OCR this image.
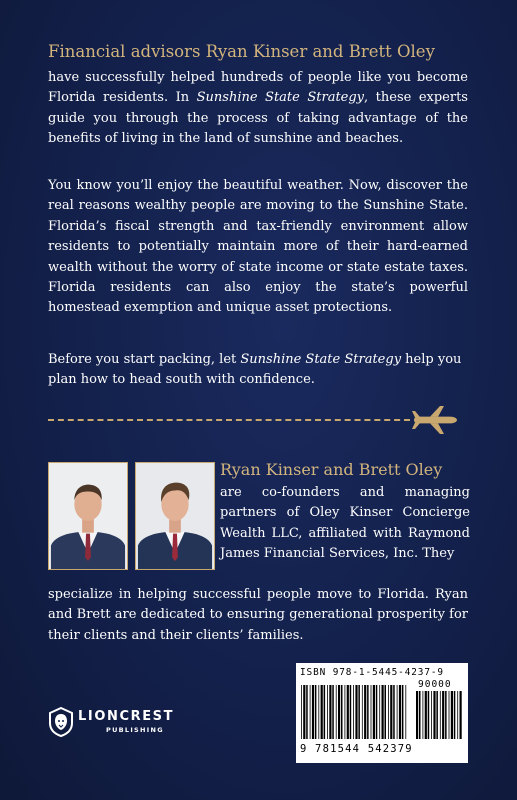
Financial advisors Ryan Kinser and Brett Oley

have successfully helped hundreds of people like you become Florida residents. In Sunshine State Strategy, these experts guide you through the process of taking advantage of the benefits of living in the land of sunshine and beaches.

You know you’ll enjoy the beautiful weather. Now, discover the real reasons wealthy people are moving to the Sunshine State. Florida’s fiscal strength and tax-friendly environment allow residents to potentially maintain more of their hard-earned wealth without the worry of state income or state estate taxes. Florida residents can also enjoy the state’s powerful homestead exemption and unique asset protections.

Before you start packing, let Sunshine State Strategy help you plan how to head south with confidence.

Ryan Kinser and Brett Oley

are co-founders and managing partners of Oley Kinser Concierge Wealth LLC, affiliated with Raymond James Financial Services, Inc. They

specialize in helping successful people move to Florida. Ryan and Brett are dedicated to ensuring generational prosperity for their clients and their clients’ families.

LIONCREST
PUBLISHING
ISBN 978-1-5445-4237-9
90000
9 781544 542379
